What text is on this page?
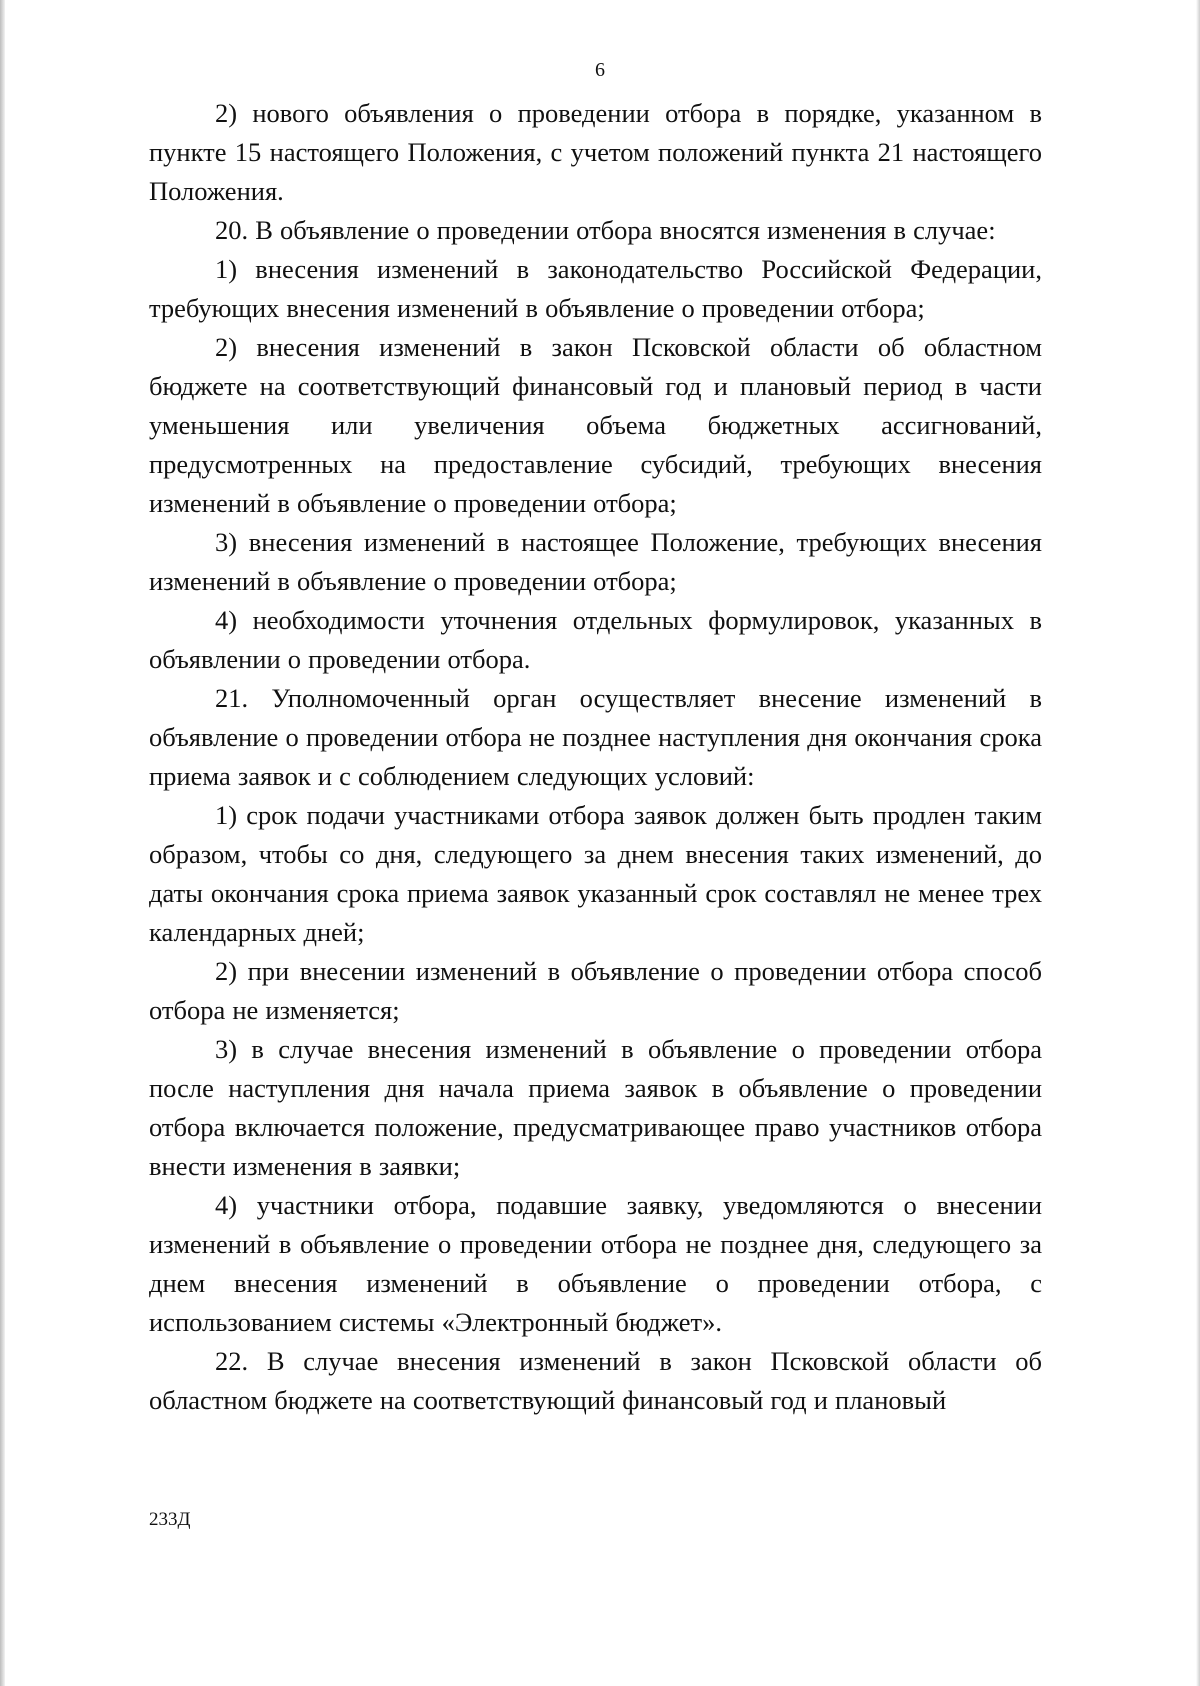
6

2) нового объявления о проведении отбора в порядке, указанном в пункте 15 настоящего Положения, с учетом положений пункта 21 настоящего Положения.

20. В объявление о проведении отбора вносятся изменения в случае:

1) внесения изменений в законодательство Российской Федерации, требующих внесения изменений в объявление о проведении отбора;

2) внесения изменений в закон Псковской области об областном бюджете на соответствующий финансовый год и плановый период в части уменьшения или увеличения объема бюджетных ассигнований, предусмотренных на предоставление субсидий, требующих внесения изменений в объявление о проведении отбора;

3) внесения изменений в настоящее Положение, требующих внесения изменений в объявление о проведении отбора;

4) необходимости уточнения отдельных формулировок, указанных в объявлении о проведении отбора.

21. Уполномоченный орган осуществляет внесение изменений в объявление о проведении отбора не позднее наступления дня окончания срока приема заявок и с соблюдением следующих условий:

1) срок подачи участниками отбора заявок должен быть продлен таким образом, чтобы со дня, следующего за днем внесения таких изменений, до даты окончания срока приема заявок указанный срок составлял не менее трех календарных дней;

2) при внесении изменений в объявление о проведении отбора способ отбора не изменяется;

3) в случае внесения изменений в объявление о проведении отбора после наступления дня начала приема заявок в объявление о проведении отбора включается положение, предусматривающее право участников отбора внести изменения в заявки;

4) участники отбора, подавшие заявку, уведомляются о внесении изменений в объявление о проведении отбора не позднее дня, следующего за днем внесения изменений в объявление о проведении отбора, с использованием системы «Электронный бюджет».

22. В случае внесения изменений в закон Псковской области об областном бюджете на соответствующий финансовый год и плановый

233Д
